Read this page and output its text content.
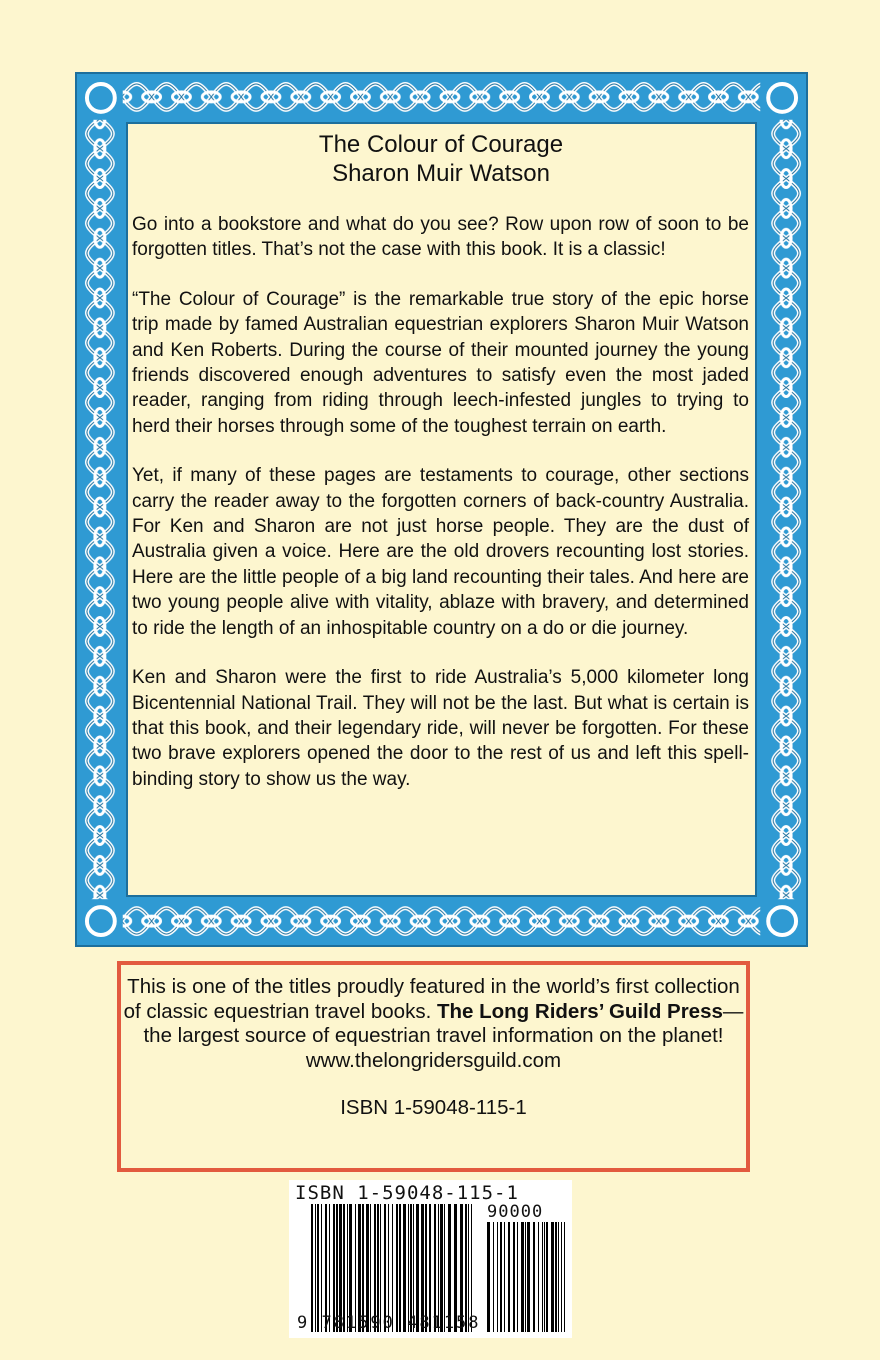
The Colour of Courage
Sharon Muir Watson

Go into a bookstore and what do you see? Row upon row of soon to be forgotten titles. That’s not the case with this book. It is a classic!

“The Colour of Courage” is the remarkable true story of the epic horse trip made by famed Australian equestrian explorers Sharon Muir Watson and Ken Roberts. During the course of their mounted journey the young friends discovered enough adventures to satisfy even the most jaded reader, ranging from riding through leech-infested jungles to trying to herd their horses through some of the toughest terrain on earth.

Yet, if many of these pages are testaments to courage, other sections carry the reader away to the forgotten corners of back-country Australia. For Ken and Sharon are not just horse people. They are the dust of Australia given a voice. Here are the old drovers recounting lost stories. Here are the little people of a big land recounting their tales. And here are two young people alive with vitality, ablaze with bravery, and determined to ride the length of an inhospitable country on a do or die journey.

Ken and Sharon were the first to ride Australia’s 5,000 kilometer long Bicentennial National Trail. They will not be the last. But what is certain is that this book, and their legendary ride, will never be forgotten. For these two brave explorers opened the door to the rest of us and left this spell-binding story to show us the way.

This is one of the titles proudly featured in the world’s first collection of classic equestrian travel books. The Long Riders’ Guild Press—the largest source of equestrian travel information on the planet!
www.thelongridersguild.com
ISBN 1-59048-115-1
ISBN 1-59048-115-1
90000
9 781590 481158
